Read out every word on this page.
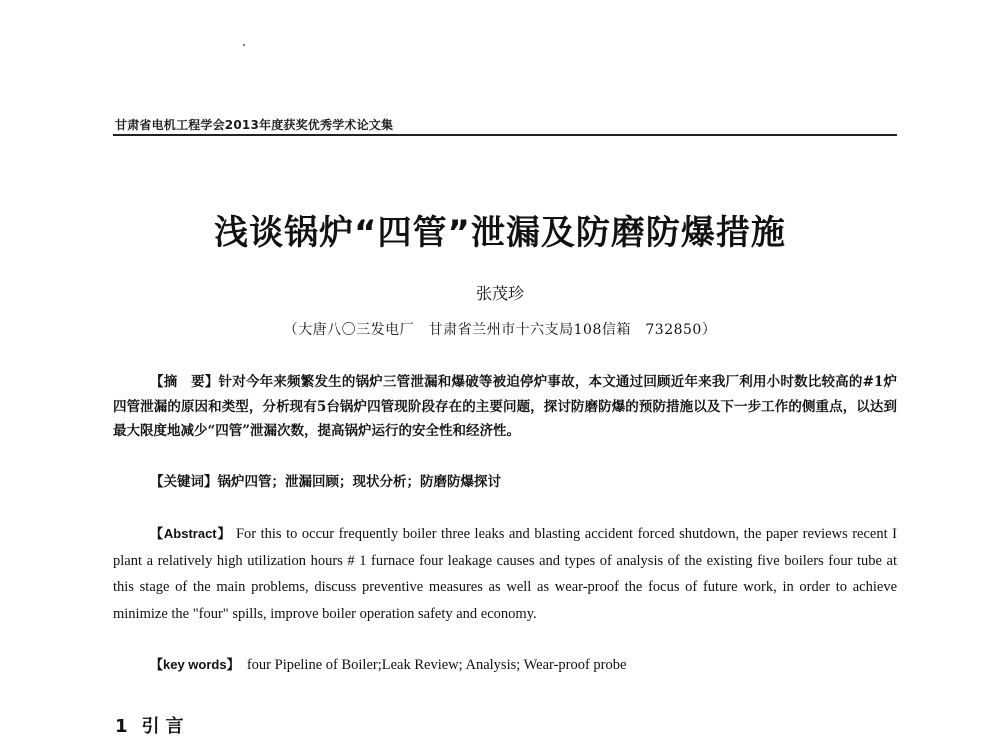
甘肃省电机工程学会2013年度获奖优秀学术论文集
浅谈锅炉“四管”泄漏及防磨防爆措施
张茂珍
（大唐八〇三发电厂　甘肃省兰州市十六支局108信箱　732850）

【摘　要】针对今年来频繁发生的锅炉三管泄漏和爆破等被迫停炉事故，本文通过回顾近年来我厂利用小时数比较高的#1炉四管泄漏的原因和类型，分析现有5台锅炉四管现阶段存在的主要问题，探讨防磨防爆的预防措施以及下一步工作的侧重点，以达到最大限度地减少“四管”泄漏次数，提高锅炉运行的安全性和经济性。

【关键词】锅炉四管；泄漏回顾；现状分析；防磨防爆探讨

【Abstract】 For this to occur frequently boiler three leaks and blasting accident forced shutdown, the paper reviews recent I plant a relatively high utilization hours # 1 furnace four leakage causes and types of analysis of the existing five boilers four tube at this stage of the main problems, discuss preventive measures as well as wear-proof the focus of future work, in order to achieve minimize the "four" spills, improve boiler operation safety and economy.

【key words】 four Pipeline of Boiler;Leak Review; Analysis; Wear-proof probe
1 引言
